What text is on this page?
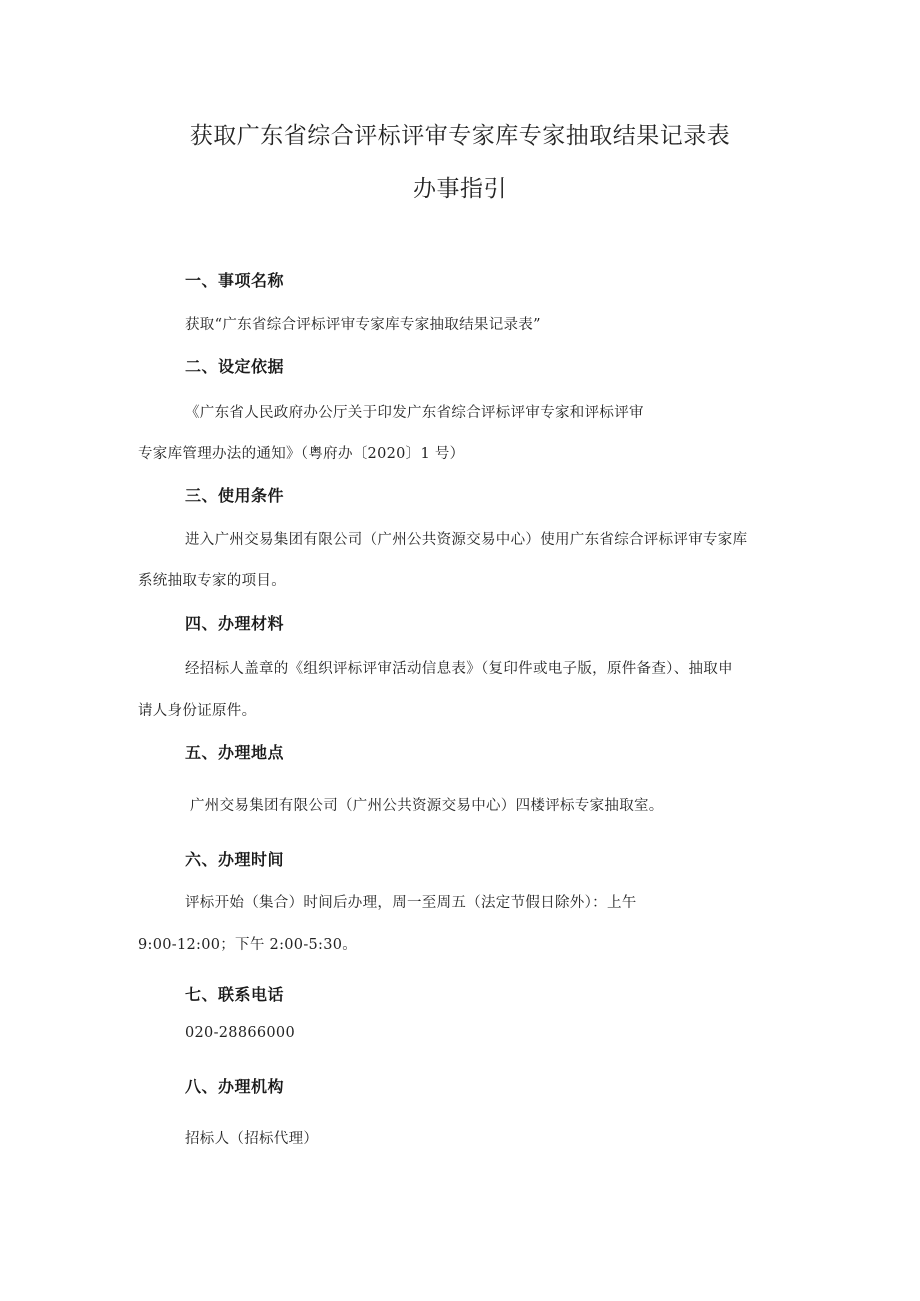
获取广东省综合评标评审专家库专家抽取结果记录表
办事指引
一、事项名称
获取“广东省综合评标评审专家库专家抽取结果记录表”
二、设定依据
《广东省人民政府办公厅关于印发广东省综合评标评审专家和评标评审
专家库管理办法的通知》（粤府办〔2020〕1 号）
三、使用条件
进入广州交易集团有限公司（广州公共资源交易中心）使用广东省综合评标评审专家库
系统抽取专家的项目。
四、办理材料
经招标人盖章的《组织评标评审活动信息表》（复印件或电子版，原件备查）、抽取申
请人身份证原件。
五、办理地点
广州交易集团有限公司（广州公共资源交易中心）四楼评标专家抽取室。
六、办理时间
评标开始（集合）时间后办理，周一至周五（法定节假日除外）：上午
9:00-12:00；下午 2:00-5:30。
七、联系电话
020-28866000
八、办理机构
招标人（招标代理）
